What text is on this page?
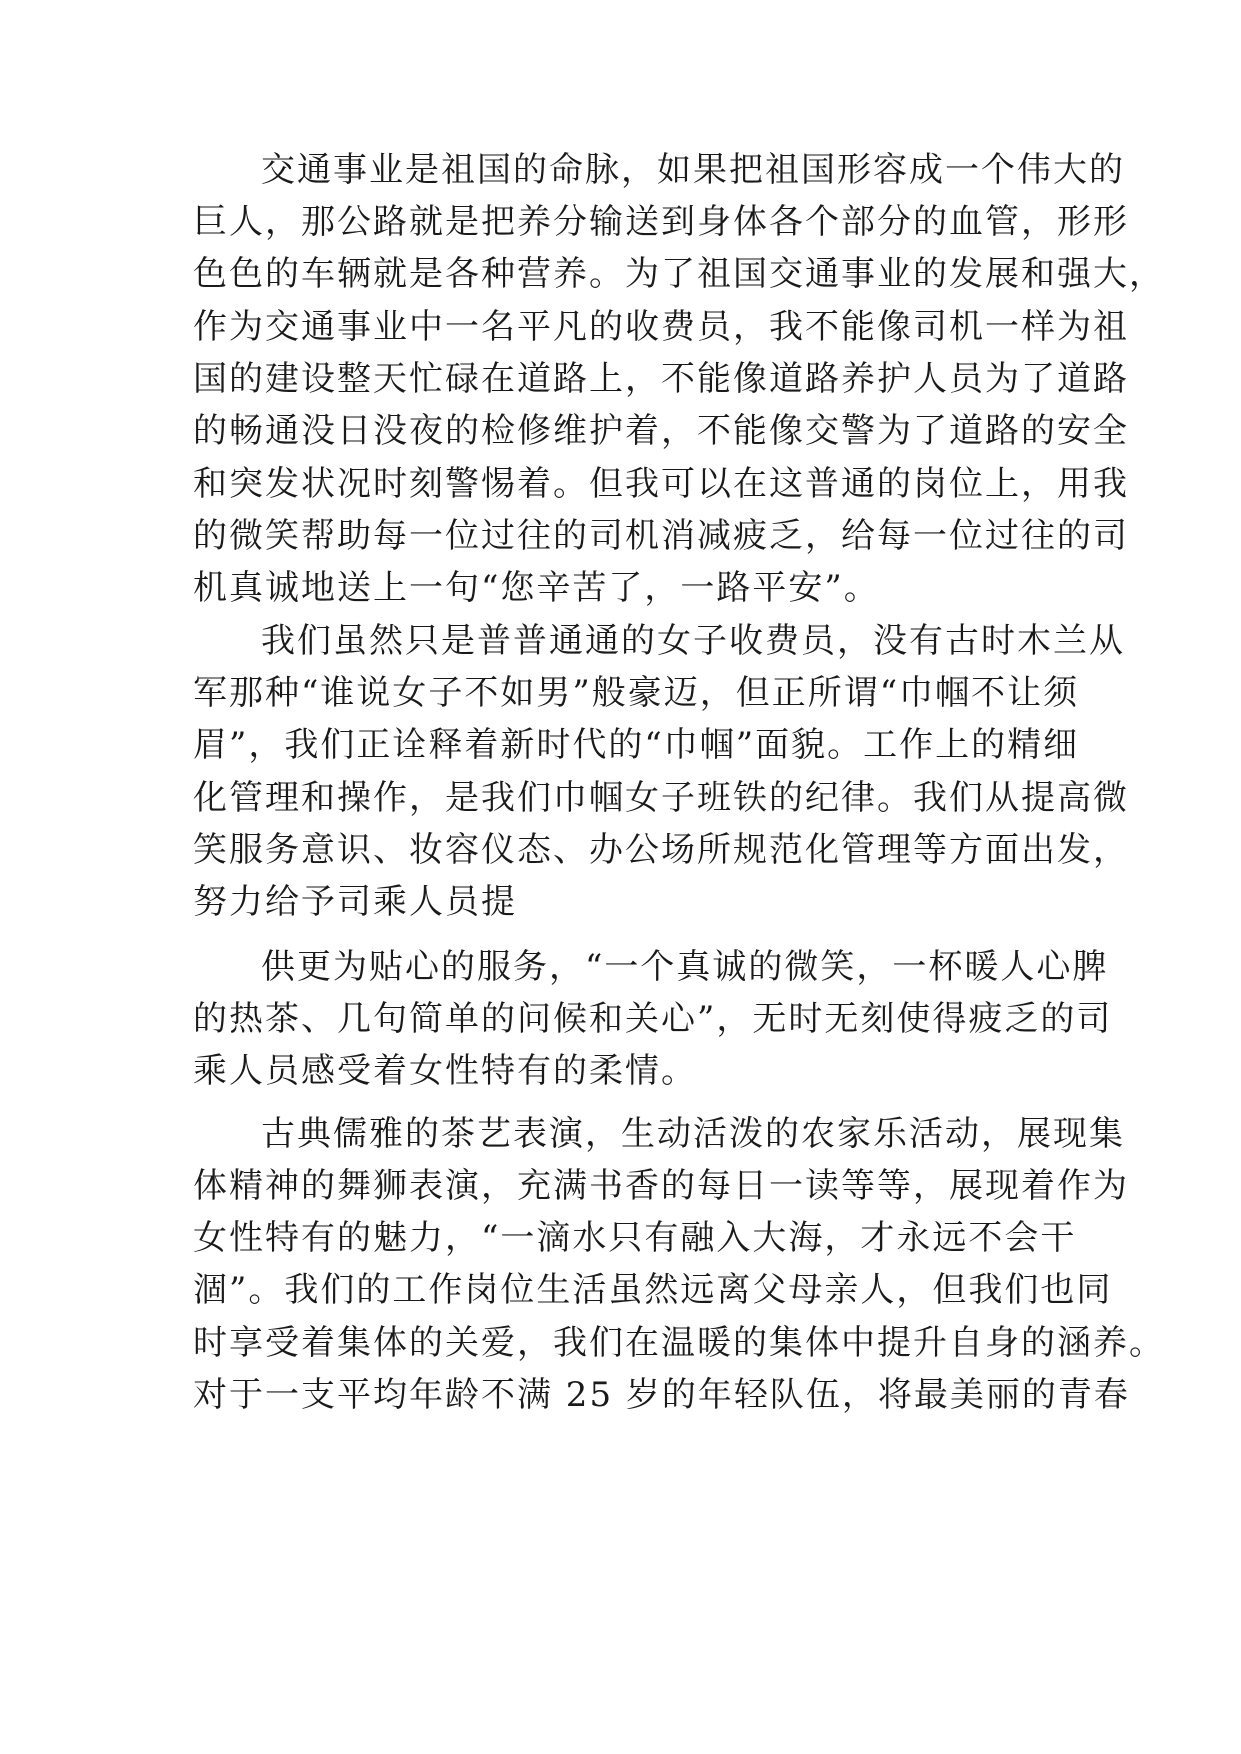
交通事业是祖国的命脉，如果把祖国形容成一个伟大的

巨人，那公路就是把养分输送到身体各个部分的血管，形形

色色的车辆就是各种营养。为了祖国交通事业的发展和强大，

作为交通事业中一名平凡的收费员，我不能像司机一样为祖

国的建设整天忙碌在道路上，不能像道路养护人员为了道路

的畅通没日没夜的检修维护着，不能像交警为了道路的安全

和突发状况时刻警惕着。但我可以在这普通的岗位上，用我

的微笑帮助每一位过往的司机消减疲乏，给每一位过往的司

机真诚地送上一句“您辛苦了，一路平安”。

我们虽然只是普普通通的女子收费员，没有古时木兰从

军那种“谁说女子不如男”般豪迈，但正所谓“巾帼不让须

眉”，我们正诠释着新时代的“巾帼”面貌。工作上的精细

化管理和操作，是我们巾帼女子班铁的纪律。我们从提高微

笑服务意识、妆容仪态、办公场所规范化管理等方面出发，

努力给予司乘人员提

供更为贴心的服务，“一个真诚的微笑，一杯暖人心脾

的热茶、几句简单的问候和关心”，无时无刻使得疲乏的司

乘人员感受着女性特有的柔情。

古典儒雅的茶艺表演，生动活泼的农家乐活动，展现集

体精神的舞狮表演，充满书香的每日一读等等，展现着作为

女性特有的魅力，“一滴水只有融入大海，才永远不会干

涸”。我们的工作岗位生活虽然远离父母亲人，但我们也同

时享受着集体的关爱，我们在温暖的集体中提升自身的涵养。

对于一支平均年龄不满 25 岁的年轻队伍，将最美丽的青春
